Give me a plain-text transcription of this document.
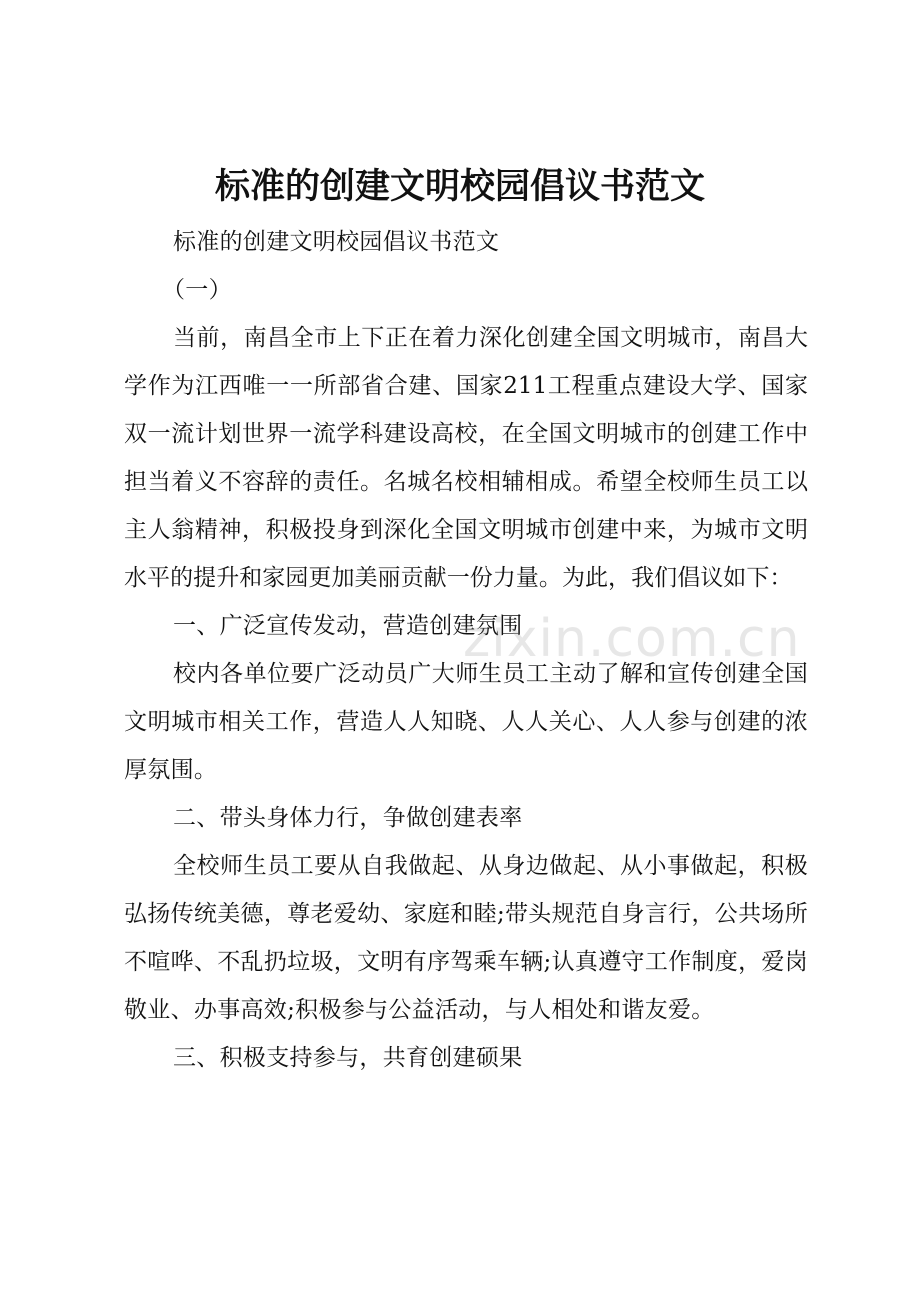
标准的创建文明校园倡议书范文

标准的创建文明校园倡议书范文

（一）

当前，南昌全市上下正在着力深化创建全国文明城市，南昌大学作为江西唯一一所部省合建、国家211工程重点建设大学、国家双一流计划世界一流学科建设高校，在全国文明城市的创建工作中担当着义不容辞的责任。名城名校相辅相成。希望全校师生员工以主人翁精神，积极投身到深化全国文明城市创建中来，为城市文明水平的提升和家园更加美丽贡献一份力量。为此，我们倡议如下：

一、广泛宣传发动，营造创建氛围

校内各单位要广泛动员广大师生员工主动了解和宣传创建全国文明城市相关工作，营造人人知晓、人人关心、人人参与创建的浓厚氛围。

二、带头身体力行，争做创建表率

全校师生员工要从自我做起、从身边做起、从小事做起，积极弘扬传统美德，尊老爱幼、家庭和睦;带头规范自身言行，公共场所不喧哗、不乱扔垃圾，文明有序驾乘车辆;认真遵守工作制度，爱岗敬业、办事高效;积极参与公益活动，与人相处和谐友爱。

三、积极支持参与，共育创建硕果

zixin.com.cn
